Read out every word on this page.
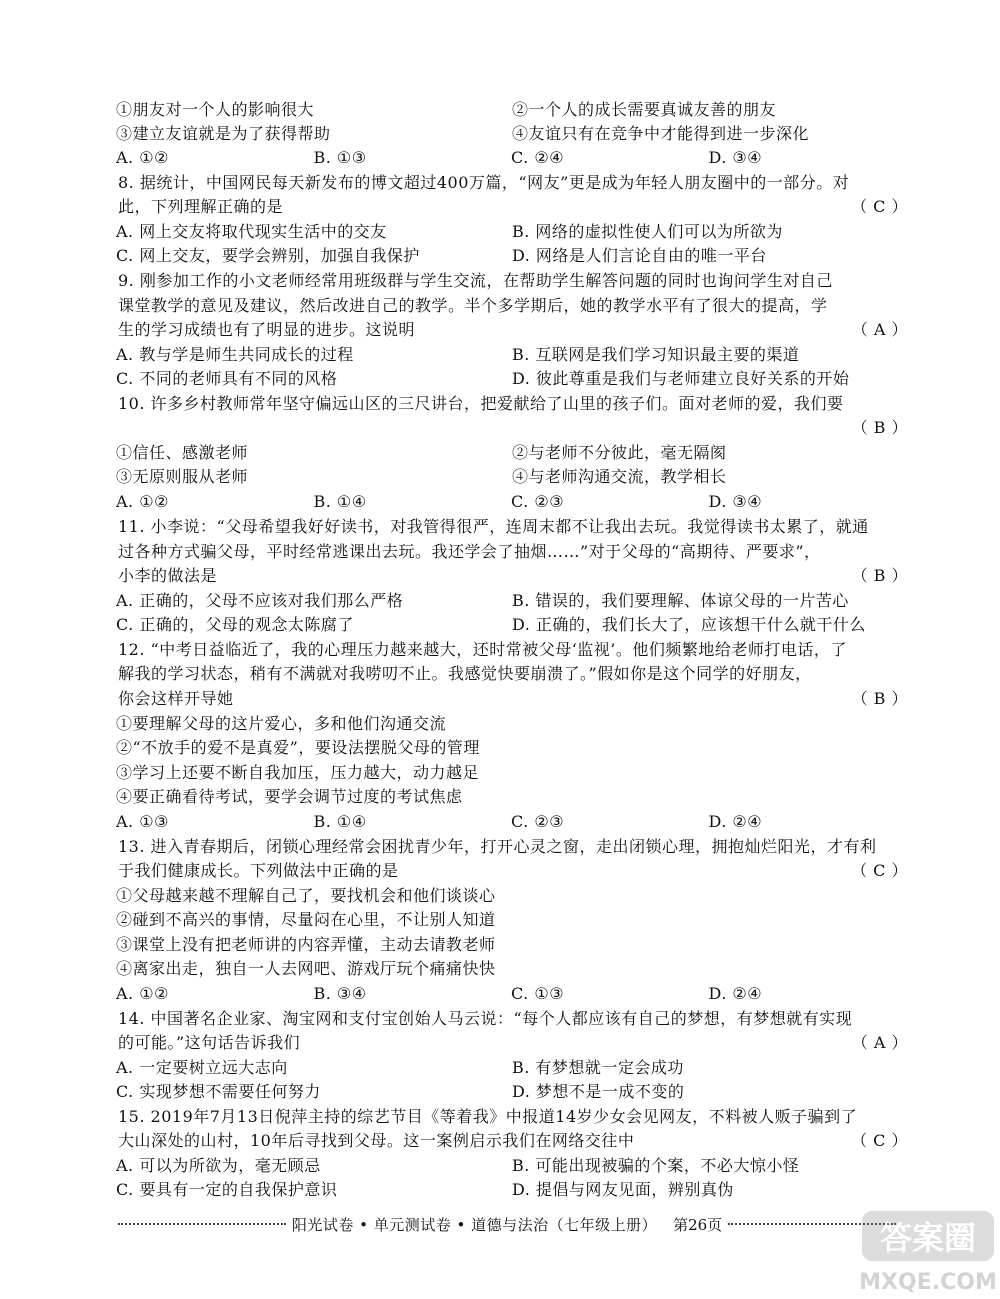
①朋友对一个人的影响很大	②一个人的成长需要真诚友善的朋友
③建立友谊就是为了获得帮助	④友谊只有在竞争中才能得到进一步深化
A. ①②	B. ①③	C. ②④	D. ③④
8. 据统计，中国网民每天新发布的博文超过400万篇，“网友”更是成为年轻人朋友圈中的一部分。对
此，下列理解正确的是	（ C ）
A. 网上交友将取代现实生活中的交友	B. 网络的虚拟性使人们可以为所欲为
C. 网上交友，要学会辨别，加强自我保护	D. 网络是人们言论自由的唯一平台
9. 刚参加工作的小文老师经常用班级群与学生交流，在帮助学生解答问题的同时也询问学生对自己
课堂教学的意见及建议，然后改进自己的教学。半个多学期后，她的教学水平有了很大的提高，学
生的学习成绩也有了明显的进步。这说明	（ A ）
A. 教与学是师生共同成长的过程	B. 互联网是我们学习知识最主要的渠道
C. 不同的老师具有不同的风格	D. 彼此尊重是我们与老师建立良好关系的开始
10. 许多乡村教师常年坚守偏远山区的三尺讲台，把爱献给了山里的孩子们。面对老师的爱，我们要
（ B ）
①信任、感激老师	②与老师不分彼此，毫无隔阂
③无原则服从老师	④与老师沟通交流，教学相长
A. ①②	B. ①④	C. ②③	D. ③④
11. 小李说：“父母希望我好好读书，对我管得很严，连周末都不让我出去玩。我觉得读书太累了，就通
过各种方式骗父母，平时经常逃课出去玩。我还学会了抽烟……”对于父母的“高期待、严要求”，
小李的做法是	（ B ）
A. 正确的，父母不应该对我们那么严格	B. 错误的，我们要理解、体谅父母的一片苦心
C. 正确的，父母的观念太陈腐了	D. 正确的，我们长大了，应该想干什么就干什么
12. “中考日益临近了，我的心理压力越来越大，还时常被父母‘监视’。他们频繁地给老师打电话，了
解我的学习状态，稍有不满就对我唠叨不止。我感觉快要崩溃了。”假如你是这个同学的好朋友，
你会这样开导她	（ B ）
①要理解父母的这片爱心，多和他们沟通交流
②“不放手的爱不是真爱”，要设法摆脱父母的管理
③学习上还要不断自我加压，压力越大，动力越足
④要正确看待考试，要学会调节过度的考试焦虑
A. ①③	B. ①④	C. ②③	D. ②④
13. 进入青春期后，闭锁心理经常会困扰青少年，打开心灵之窗，走出闭锁心理，拥抱灿烂阳光，才有利
于我们健康成长。下列做法中正确的是	（ C ）
①父母越来越不理解自己了，要找机会和他们谈谈心
②碰到不高兴的事情，尽量闷在心里，不让别人知道
③课堂上没有把老师讲的内容弄懂，主动去请教老师
④离家出走，独自一人去网吧、游戏厅玩个痛痛快快
A. ①②	B. ③④	C. ①③	D. ②④
14. 中国著名企业家、淘宝网和支付宝创始人马云说：“每个人都应该有自己的梦想，有梦想就有实现
的可能。”这句话告诉我们	（ A ）
A. 一定要树立远大志向	B. 有梦想就一定会成功
C. 实现梦想不需要任何努力	D. 梦想不是一成不变的
15. 2019年7月13日倪萍主持的综艺节目《等着我》中报道14岁少女会见网友，不料被人贩子骗到了
大山深处的山村，10年后寻找到父母。这一案例启示我们在网络交往中	（ C ）
A. 可以为所欲为，毫无顾忌	B. 可能出现被骗的个案，不必大惊小怪
C. 要具有一定的自我保护意识	D. 提倡与网友见面，辨别真伪
阳光试卷 • 单元测试卷 • 道德与法治（七年级上册） 第26页	答案圈
MXQE.COM
